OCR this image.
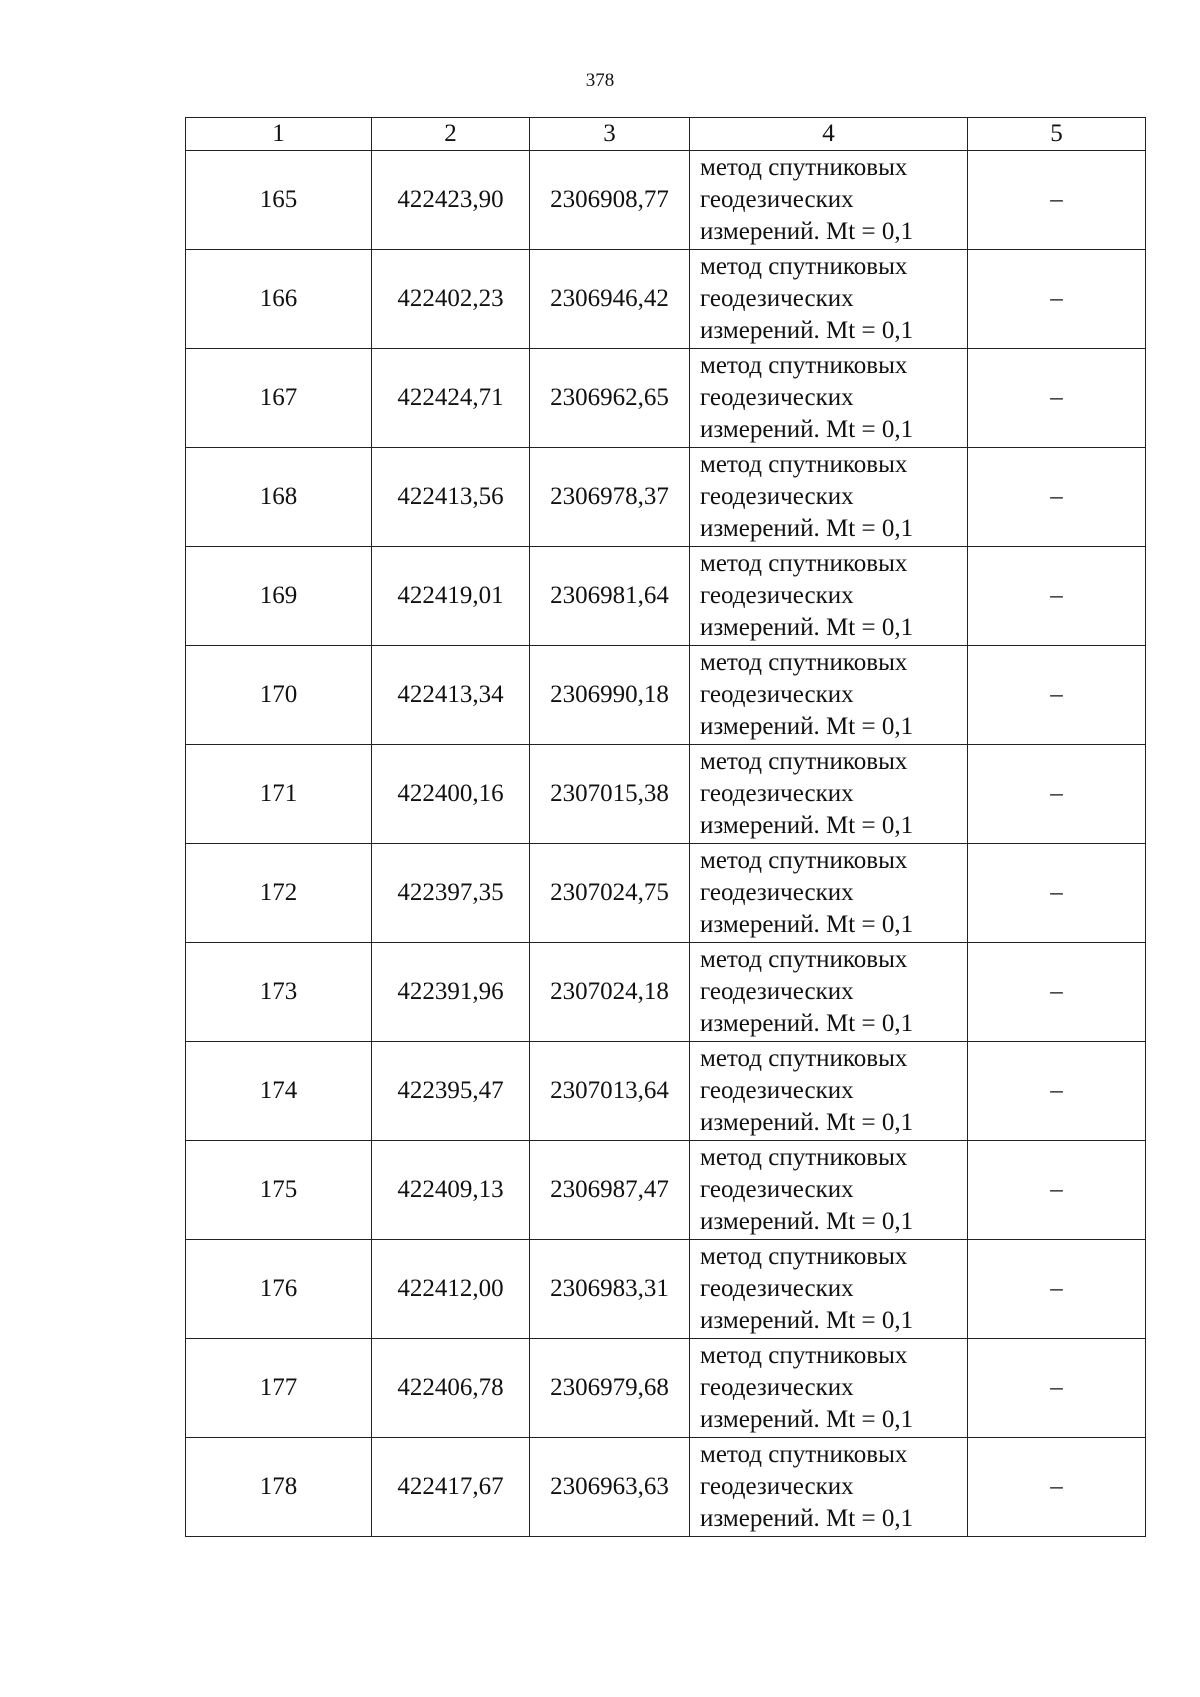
378
1	2	3	4	5
165	422423,90	2306908,77	метод спутниковых
геодезических
измерений. Mt = 0,1	–
166	422402,23	2306946,42	метод спутниковых
геодезических
измерений. Mt = 0,1	–
167	422424,71	2306962,65	метод спутниковых
геодезических
измерений. Mt = 0,1	–
168	422413,56	2306978,37	метод спутниковых
геодезических
измерений. Mt = 0,1	–
169	422419,01	2306981,64	метод спутниковых
геодезических
измерений. Mt = 0,1	–
170	422413,34	2306990,18	метод спутниковых
геодезических
измерений. Mt = 0,1	–
171	422400,16	2307015,38	метод спутниковых
геодезических
измерений. Mt = 0,1	–
172	422397,35	2307024,75	метод спутниковых
геодезических
измерений. Mt = 0,1	–
173	422391,96	2307024,18	метод спутниковых
геодезических
измерений. Mt = 0,1	–
174	422395,47	2307013,64	метод спутниковых
геодезических
измерений. Mt = 0,1	–
175	422409,13	2306987,47	метод спутниковых
геодезических
измерений. Mt = 0,1	–
176	422412,00	2306983,31	метод спутниковых
геодезических
измерений. Mt = 0,1	–
177	422406,78	2306979,68	метод спутниковых
геодезических
измерений. Mt = 0,1	–
178	422417,67	2306963,63	метод спутниковых
геодезических
измерений. Mt = 0,1	–
